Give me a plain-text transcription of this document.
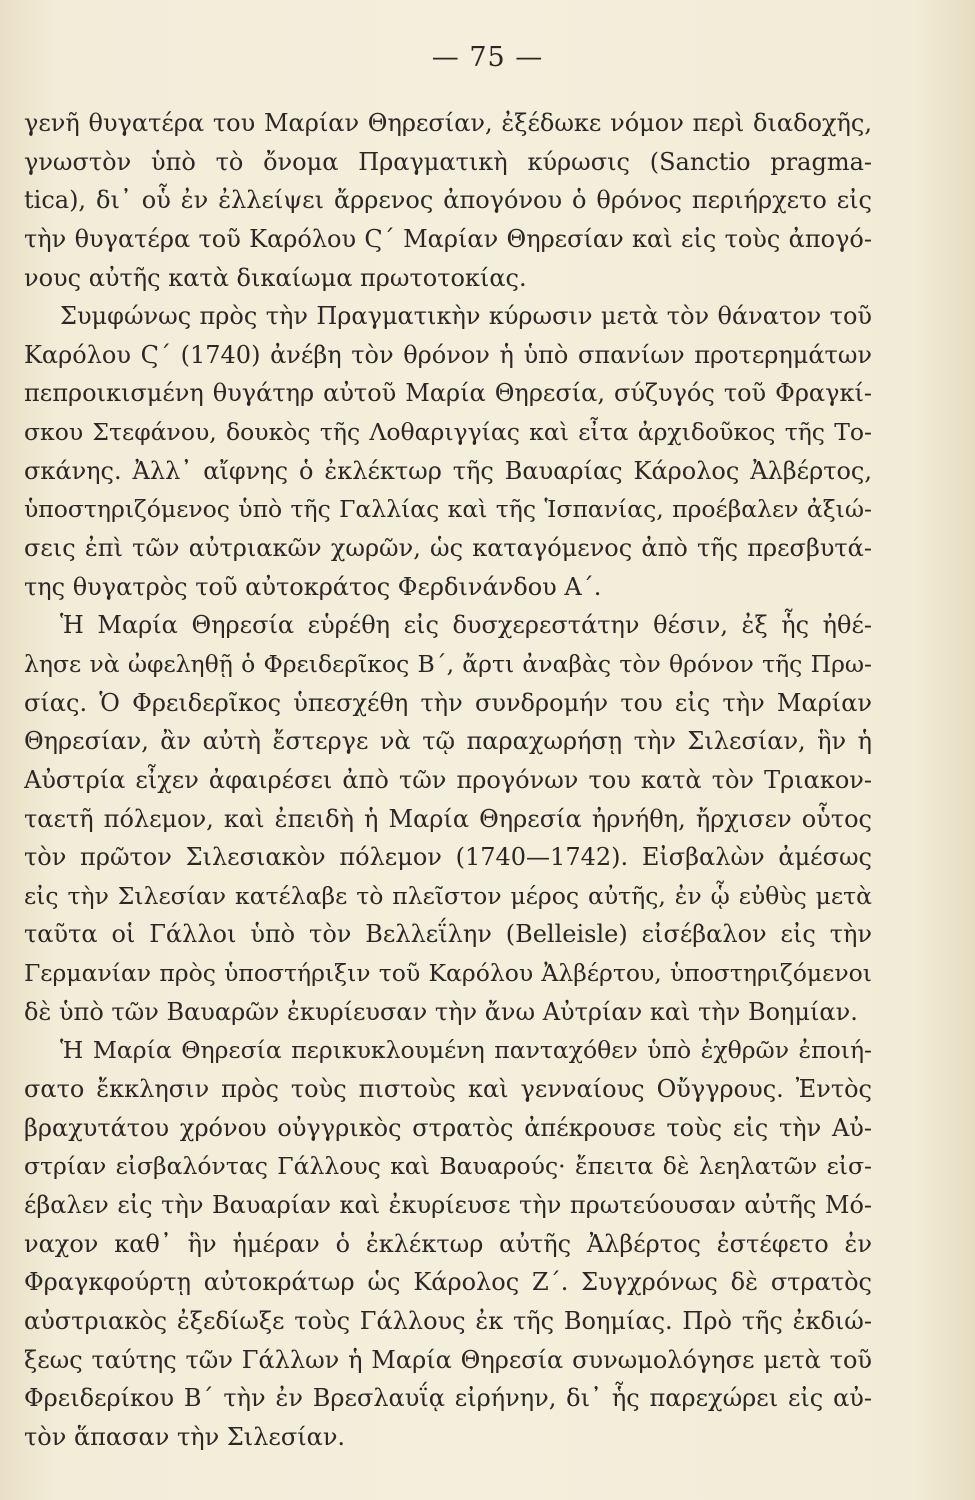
— 75 —
γενῆ θυγατέρα του Μαρίαν Θηρεσίαν, ἐξέδωκε νόμον περὶ διαδοχῆς,
γνωστὸν ὑπὸ τὸ ὄνομα Πραγματικὴ κύρωσις (Sanctio pragma-
tica), δι᾽ οὗ ἐν ἐλλείψει ἄρρενος ἀπογόνου ὁ θρόνος περιήρχετο εἰς
τὴν θυγατέρα τοῦ Καρόλου Ϛ΄ Μαρίαν Θηρεσίαν καὶ εἰς τοὺς ἀπογό-
νους αὐτῆς κατὰ δικαίωμα πρωτοτοκίας.
Συμφώνως πρὸς τὴν Πραγματικὴν κύρωσιν μετὰ τὸν θάνατον τοῦ
Καρόλου Ϛ΄ (1740) ἀνέβη τὸν θρόνον ἡ ὑπὸ σπανίων προτερημάτων
πεπροικισμένη θυγάτηρ αὐτοῦ Μαρία Θηρεσία, σύζυγός τοῦ Φραγκί-
σκου Στεφάνου, δουκὸς τῆς Λοθαριγγίας καὶ εἶτα ἀρχιδοῦκος τῆς Το-
σκάνης. Ἀλλ᾽ αἴφνης ὁ ἐκλέκτωρ τῆς Βαυαρίας Κάρολος Ἀλβέρτος,
ὑποστηριζόμενος ὑπὸ τῆς Γαλλίας καὶ τῆς Ἱσπανίας, προέβαλεν ἀξιώ-
σεις ἐπὶ τῶν αὐτριακῶν χωρῶν, ὡς καταγόμενος ἀπὸ τῆς πρεσβυτά-
της θυγατρὸς τοῦ αὐτοκράτος Φερδινάνδου Α΄.
Ἡ Μαρία Θηρεσία εὑρέθη εἰς δυσχερεστάτην θέσιν, ἐξ ἧς ἠθέ-
λησε νὰ ὠφεληθῇ ὁ Φρειδερῖκος Β΄, ἄρτι ἀναβὰς τὸν θρόνον τῆς Πρω-
σίας. Ὁ Φρειδερῖκος ὑπεσχέθη τὴν συνδρομήν του εἰς τὴν Μαρίαν
Θηρεσίαν, ἂν αὐτὴ ἔστεργε νὰ τῷ παραχωρήσῃ τὴν Σιλεσίαν, ἣν ἡ
Αὐστρία εἶχεν ἀφαιρέσει ἀπὸ τῶν προγόνων του κατὰ τὸν Τριακον-
ταετῆ πόλεμον, καὶ ἐπειδὴ ἡ Μαρία Θηρεσία ἠρνήθη, ἤρχισεν οὗτος
τὸν πρῶτον Σιλεσιακὸν πόλεμον (1740—1742). Εἰσβαλὼν ἀμέσως
εἰς τὴν Σιλεσίαν κατέλαβε τὸ πλεῖστον μέρος αὐτῆς, ἐν ᾧ εὐθὺς μετὰ
ταῦτα οἱ Γάλλοι ὑπὸ τὸν Βελλεΐλην (Belleisle) εἰσέβαλον εἰς τὴν
Γερμανίαν πρὸς ὑποστήριξιν τοῦ Καρόλου Ἀλβέρτου, ὑποστηριζόμενοι
δὲ ὑπὸ τῶν Βαυαρῶν ἐκυρίευσαν τὴν ἄνω Αὐτρίαν καὶ τὴν Βοημίαν.
Ἡ Μαρία Θηρεσία περικυκλουμένη πανταχόθεν ὑπὸ ἐχθρῶν ἐποιή-
σατο ἔκκλησιν πρὸς τοὺς πιστοὺς καὶ γενναίους Οὔγγρους. Ἐντὸς
βραχυτάτου χρόνου οὐγγρικὸς στρατὸς ἀπέκρουσε τοὺς εἰς τὴν Αὐ-
στρίαν εἰσβαλόντας Γάλλους καὶ Βαυαρούς· ἔπειτα δὲ λεηλατῶν εἰσ-
έβαλεν εἰς τὴν Βαυαρίαν καὶ ἐκυρίευσε τὴν πρωτεύουσαν αὐτῆς Μό-
ναχον καθ᾽ ἣν ἡμέραν ὁ ἐκλέκτωρ αὐτῆς Ἀλβέρτος ἐστέφετο ἐν
Φραγκφούρτῃ αὐτοκράτωρ ὡς Κάρολος Ζ΄. Συγχρόνως δὲ στρατὸς
αὐστριακὸς ἐξεδίωξε τοὺς Γάλλους ἐκ τῆς Βοημίας. Πρὸ τῆς ἐκδιώ-
ξεως ταύτης τῶν Γάλλων ἡ Μαρία Θηρεσία συνωμολόγησε μετὰ τοῦ
Φρειδερίκου Β΄ τὴν ἐν Βρεσλαυΐᾳ εἰρήνην, δι᾽ ἧς παρεχώρει εἰς αὐ-
τὸν ἅπασαν τὴν Σιλεσίαν.
